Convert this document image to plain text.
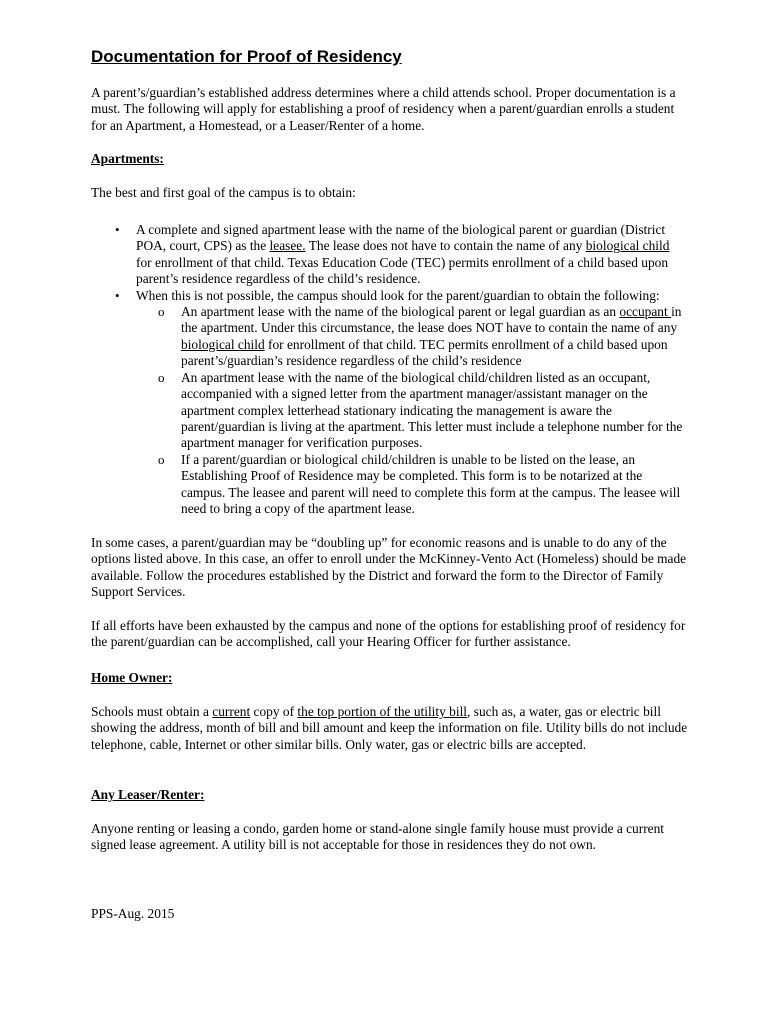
Documentation for Proof of Residency

A parent’s/guardian’s established address determines where a child attends school. Proper documentation is a must. The following will apply for establishing a proof of residency when a parent/guardian enrolls a student for an Apartment, a Homestead, or a Leaser/Renter of a home.

Apartments:

The best and first goal of the campus is to obtain:

• A complete and signed apartment lease with the name of the biological parent or guardian (District POA, court, CPS) as the leasee. The lease does not have to contain the name of any biological child for enrollment of that child. Texas Education Code (TEC) permits enrollment of a child based upon parent’s residence regardless of the child’s residence.

• When this is not possible, the campus should look for the parent/guardian to obtain the following:

o An apartment lease with the name of the biological parent or legal guardian as an occupant in the apartment. Under this circumstance, the lease does NOT have to contain the name of any biological child for enrollment of that child. TEC permits enrollment of a child based upon parent’s/guardian’s residence regardless of the child’s residence

o An apartment lease with the name of the biological child/children listed as an occupant, accompanied with a signed letter from the apartment manager/assistant manager on the apartment complex letterhead stationary indicating the management is aware the parent/guardian is living at the apartment. This letter must include a telephone number for the apartment manager for verification purposes.

o If a parent/guardian or biological child/children is unable to be listed on the lease, an Establishing Proof of Residence may be completed. This form is to be notarized at the campus. The leasee and parent will need to complete this form at the campus. The leasee will need to bring a copy of the apartment lease.

In some cases, a parent/guardian may be “doubling up” for economic reasons and is unable to do any of the options listed above. In this case, an offer to enroll under the McKinney-Vento Act (Homeless) should be made available. Follow the procedures established by the District and forward the form to the Director of Family Support Services.

If all efforts have been exhausted by the campus and none of the options for establishing proof of residency for the parent/guardian can be accomplished, call your Hearing Officer for further assistance.

Home Owner:

Schools must obtain a current copy of the top portion of the utility bill, such as, a water, gas or electric bill showing the address, month of bill and bill amount and keep the information on file. Utility bills do not include telephone, cable, Internet or other similar bills. Only water, gas or electric bills are accepted.

Any Leaser/Renter:

Anyone renting or leasing a condo, garden home or stand-alone single family house must provide a current signed lease agreement. A utility bill is not acceptable for those in residences they do not own.

PPS-Aug. 2015
